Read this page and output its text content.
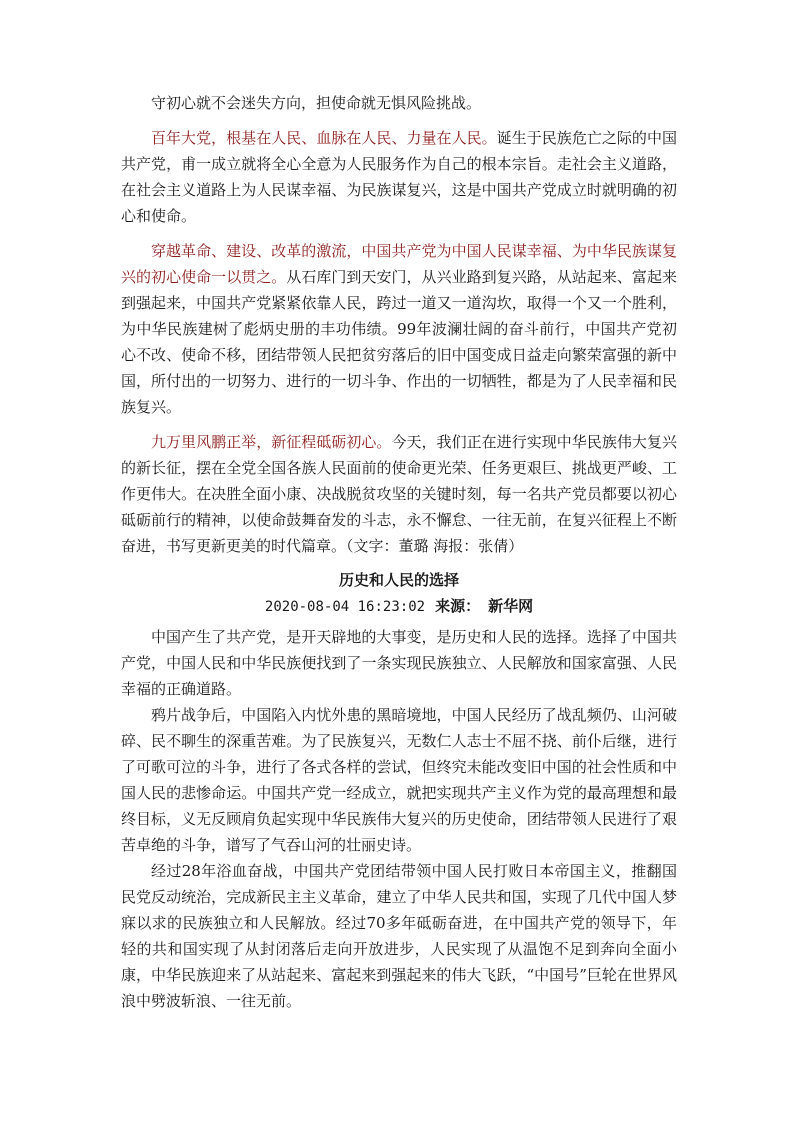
守初心就不会迷失方向，担使命就无惧风险挑战。

百年大党，根基在人民、血脉在人民、力量在人民。诞生于民族危亡之际的中国共产党，甫一成立就将全心全意为人民服务作为自己的根本宗旨。走社会主义道路，在社会主义道路上为人民谋幸福、为民族谋复兴，这是中国共产党成立时就明确的初心和使命。

穿越革命、建设、改革的激流，中国共产党为中国人民谋幸福、为中华民族谋复兴的初心使命一以贯之。从石库门到天安门，从兴业路到复兴路，从站起来、富起来到强起来，中国共产党紧紧依靠人民，跨过一道又一道沟坎，取得一个又一个胜利，为中华民族建树了彪炳史册的丰功伟绩。99年波澜壮阔的奋斗前行，中国共产党初心不改、使命不移，团结带领人民把贫穷落后的旧中国变成日益走向繁荣富强的新中国，所付出的一切努力、进行的一切斗争、作出的一切牺牲，都是为了人民幸福和民族复兴。

九万里风鹏正举，新征程砥砺初心。今天，我们正在进行实现中华民族伟大复兴的新长征，摆在全党全国各族人民面前的使命更光荣、任务更艰巨、挑战更严峻、工作更伟大。在决胜全面小康、决战脱贫攻坚的关键时刻，每一名共产党员都要以初心砥砺前行的精神，以使命鼓舞奋发的斗志，永不懈怠、一往无前，在复兴征程上不断奋进，书写更新更美的时代篇章。（文字：董璐 海报：张倩）

历史和人民的选择
2020-08-04 16:23:02 来源： 新华网

中国产生了共产党，是开天辟地的大事变，是历史和人民的选择。选择了中国共产党，中国人民和中华民族便找到了一条实现民族独立、人民解放和国家富强、人民幸福的正确道路。

鸦片战争后，中国陷入内忧外患的黑暗境地，中国人民经历了战乱频仍、山河破碎、民不聊生的深重苦难。为了民族复兴，无数仁人志士不屈不挠、前仆后继，进行了可歌可泣的斗争，进行了各式各样的尝试，但终究未能改变旧中国的社会性质和中国人民的悲惨命运。中国共产党一经成立，就把实现共产主义作为党的最高理想和最终目标，义无反顾肩负起实现中华民族伟大复兴的历史使命，团结带领人民进行了艰苦卓绝的斗争，谱写了气吞山河的壮丽史诗。

经过28年浴血奋战，中国共产党团结带领中国人民打败日本帝国主义，推翻国民党反动统治，完成新民主主义革命，建立了中华人民共和国，实现了几代中国人梦寐以求的民族独立和人民解放。经过70多年砥砺奋进，在中国共产党的领导下，年轻的共和国实现了从封闭落后走向开放进步，人民实现了从温饱不足到奔向全面小康，中华民族迎来了从站起来、富起来到强起来的伟大飞跃，“中国号”巨轮在世界风浪中劈波斩浪、一往无前。
